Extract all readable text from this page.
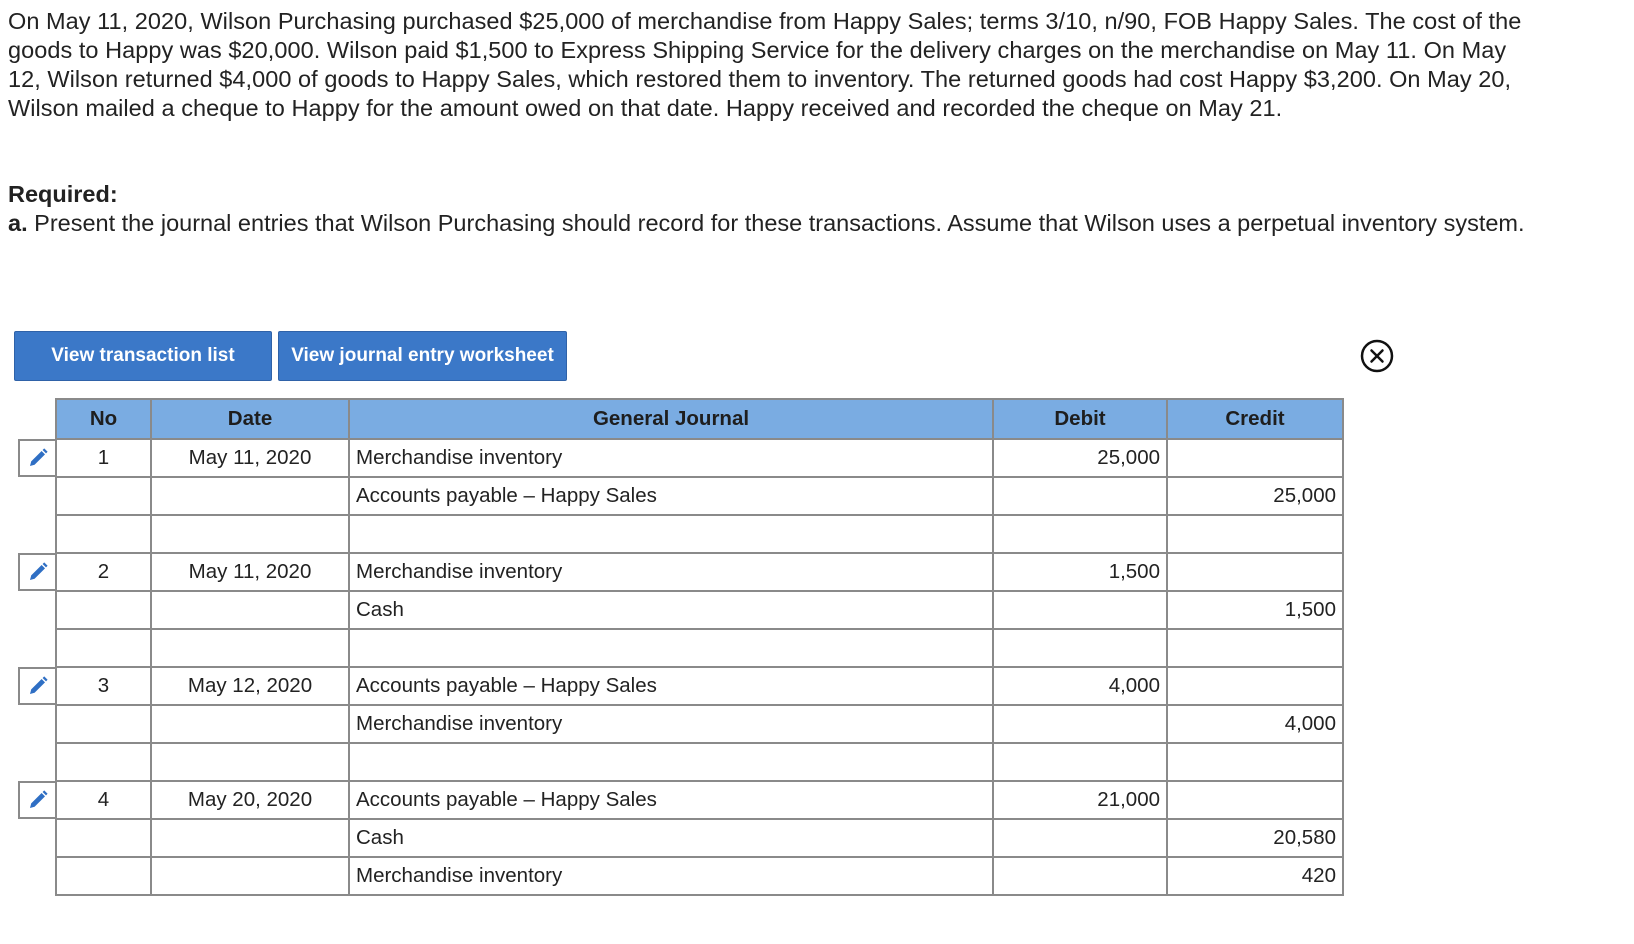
On May 11, 2020, Wilson Purchasing purchased $25,000 of merchandise from Happy Sales; terms 3/10, n/90, FOB Happy Sales. The cost of the goods to Happy was $20,000. Wilson paid $1,500 to Express Shipping Service for the delivery charges on the merchandise on May 11. On May 12, Wilson returned $4,000 of goods to Happy Sales, which restored them to inventory. The returned goods had cost Happy $3,200. On May 20, Wilson mailed a cheque to Happy for the amount owed on that date. Happy received and recorded the cheque on May 21.

Required:
a. Present the journal entries that Wilson Purchasing should record for these transactions. Assume that Wilson uses a perpetual inventory system.
View transaction list	View journal entry worksheet
No	Date	General Journal	Debit	Credit
1	May 11, 2020	Merchandise inventory	25,000	
		Accounts payable – Happy Sales		25,000

2	May 11, 2020	Merchandise inventory	1,500	
		Cash		1,500

3	May 12, 2020	Accounts payable – Happy Sales	4,000	
		Merchandise inventory		4,000

4	May 20, 2020	Accounts payable – Happy Sales	21,000	
		Cash		20,580
		Merchandise inventory		420
